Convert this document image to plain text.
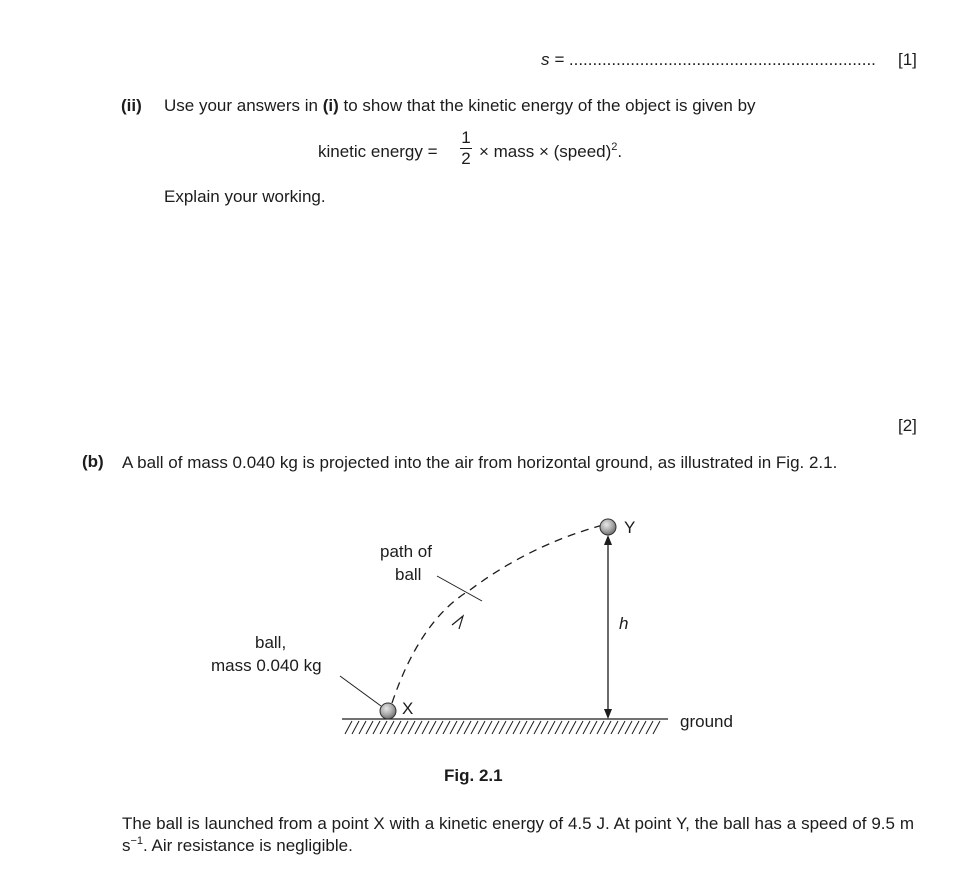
s = ................................................................. [1]
(ii) Use your answers in (i) to show that the kinetic energy of the object is given by
kinetic energy =
1
2 × mass × (speed)$^2$.
Explain your working.
[2]
(b) A ball of mass 0.040 kg is projected into the air from horizontal ground, as illustrated in Fig. 2.1.
path of
ball
ball,
mass 0.040 kg
X
Y
h
ground
Fig. 2.1
The ball is launched from a point X with a kinetic energy of 4.5 J. At point Y, the ball has a speed of 9.5 m $s^{-1}$. Air resistance is negligible.
